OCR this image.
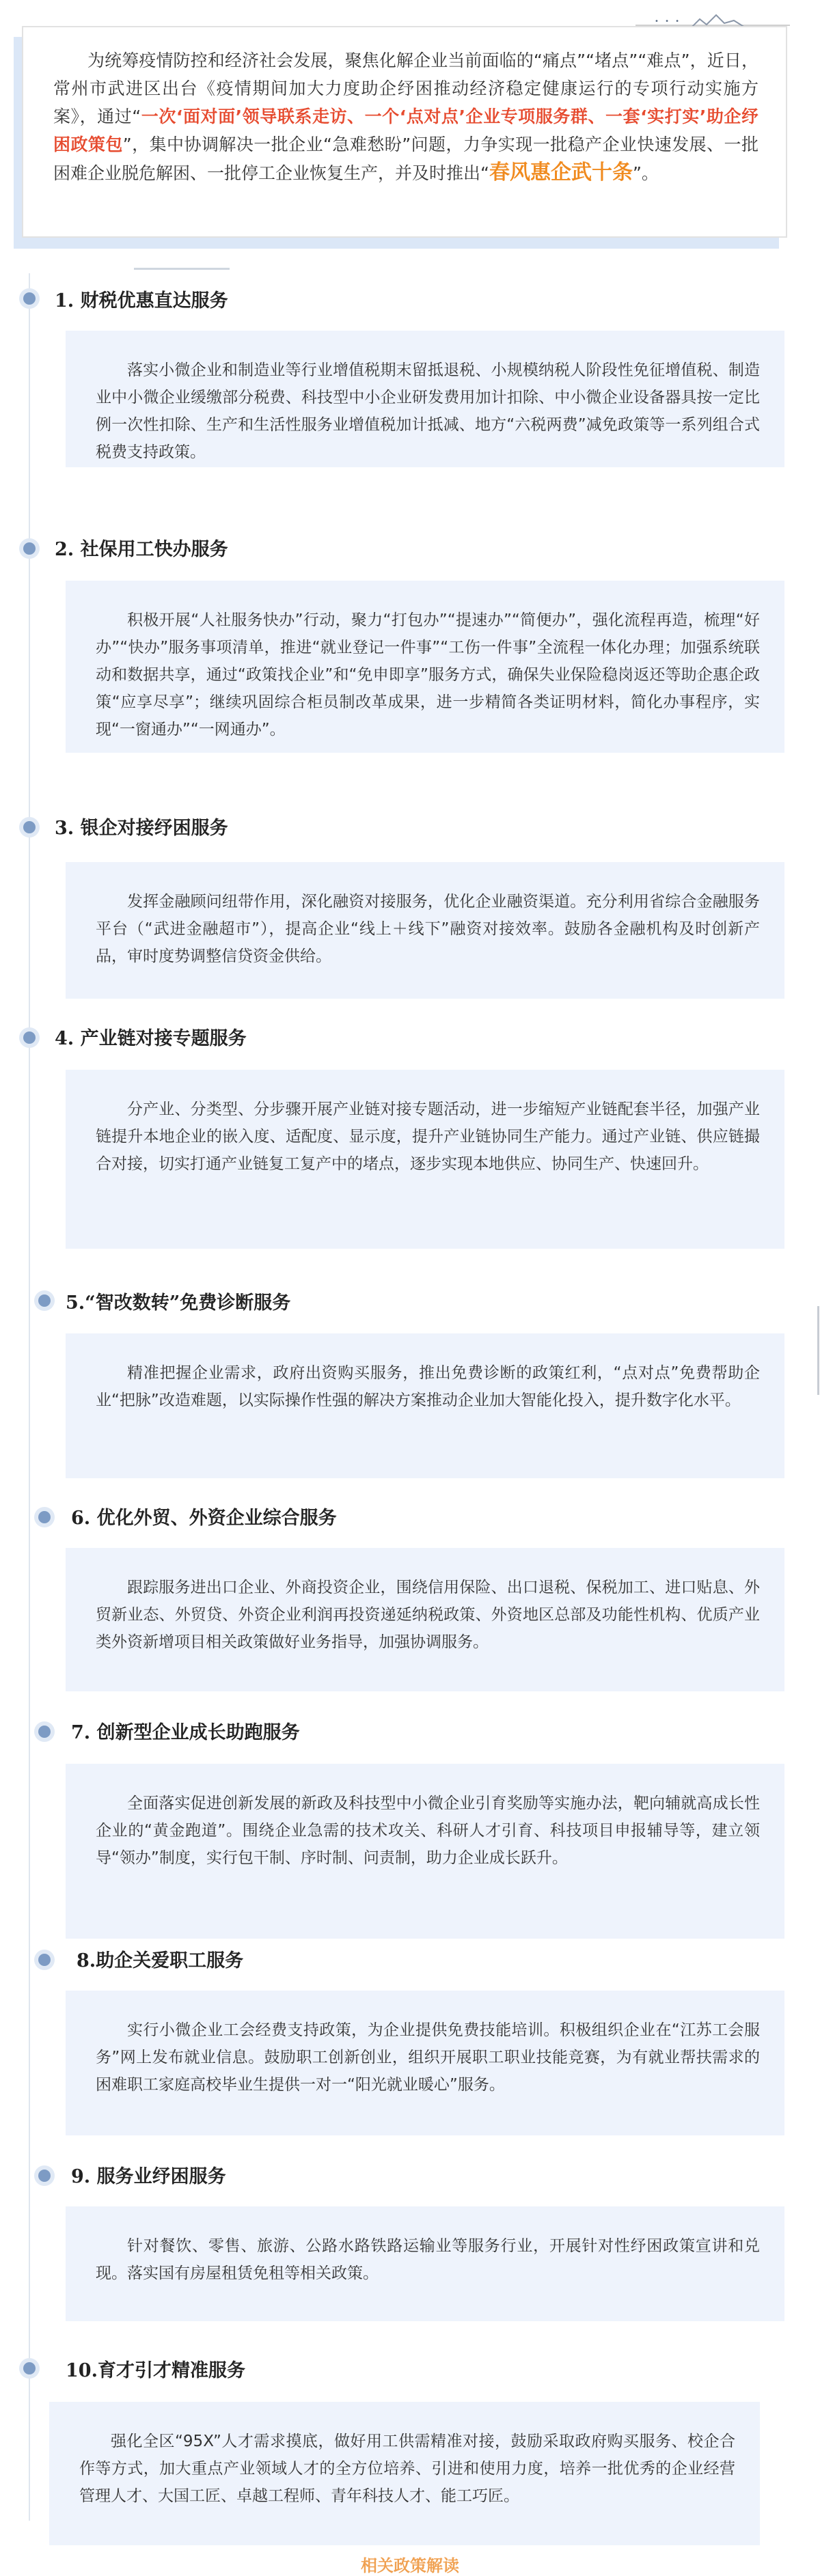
• • •

为统筹疫情防控和经济社会发展，聚焦化解企业当前面临的“痛点”“堵点”“难点”，近日，常州市武进区出台《疫情期间加大力度助企纾困推动经济稳定健康运行的专项行动实施方案》，通过“一次‘面对面’领导联系走访、一个‘点对点’企业专项服务群、一套‘实打实’助企纾困政策包”，集中协调解决一批企业“急难愁盼”问题，力争实现一批稳产企业快速发展、一批困难企业脱危解困、一批停工企业恢复生产，并及时推出“春风惠企武十条”。

1. 财税优惠直达服务

落实小微企业和制造业等行业增值税期末留抵退税、小规模纳税人阶段性免征增值税、制造业中小微企业缓缴部分税费、科技型中小企业研发费用加计扣除、中小微企业设备器具按一定比例一次性扣除、生产和生活性服务业增值税加计抵减、地方“六税两费”减免政策等一系列组合式税费支持政策。

2. 社保用工快办服务

积极开展“人社服务快办”行动，聚力“打包办”“提速办”“简便办”，强化流程再造，梳理“好办”“快办”服务事项清单，推进“就业登记一件事”“工伤一件事”全流程一体化办理；加强系统联动和数据共享，通过“政策找企业”和“免申即享”服务方式，确保失业保险稳岗返还等助企惠企政策“应享尽享”；继续巩固综合柜员制改革成果，进一步精简各类证明材料，简化办事程序，实现“一窗通办”“一网通办”。

3. 银企对接纾困服务

发挥金融顾问纽带作用，深化融资对接服务，优化企业融资渠道。充分利用省综合金融服务平台（“武进金融超市”），提高企业“线上＋线下”融资对接效率。鼓励各金融机构及时创新产品，审时度势调整信贷资金供给。

4. 产业链对接专题服务

分产业、分类型、分步骤开展产业链对接专题活动，进一步缩短产业链配套半径，加强产业链提升本地企业的嵌入度、适配度、显示度，提升产业链协同生产能力。通过产业链、供应链撮合对接，切实打通产业链复工复产中的堵点，逐步实现本地供应、协同生产、快速回升。

5.“智改数转”免费诊断服务

精准把握企业需求，政府出资购买服务，推出免费诊断的政策红利，“点对点”免费帮助企业“把脉”改造难题，以实际操作性强的解决方案推动企业加大智能化投入，提升数字化水平。

6. 优化外贸、外资企业综合服务

跟踪服务进出口企业、外商投资企业，围绕信用保险、出口退税、保税加工、进口贴息、外贸新业态、外贸贷、外资企业利润再投资递延纳税政策、外资地区总部及功能性机构、优质产业类外资新增项目相关政策做好业务指导，加强协调服务。

7. 创新型企业成长助跑服务

全面落实促进创新发展的新政及科技型中小微企业引育奖励等实施办法，靶向辅就高成长性企业的“黄金跑道”。围绕企业急需的技术攻关、科研人才引育、科技项目申报辅导等，建立领导“领办”制度，实行包干制、序时制、问责制，助力企业成长跃升。

8.助企关爱职工服务

实行小微企业工会经费支持政策，为企业提供免费技能培训。积极组织企业在“江苏工会服务”网上发布就业信息。鼓励职工创新创业，组织开展职工职业技能竞赛，为有就业帮扶需求的困难职工家庭高校毕业生提供一对一“阳光就业暖心”服务。

9. 服务业纾困服务

针对餐饮、零售、旅游、公路水路铁路运输业等服务行业，开展针对性纾困政策宣讲和兑现。落实国有房屋租赁免租等相关政策。

10.育才引才精准服务

强化全区“95X”人才需求摸底，做好用工供需精准对接，鼓励采取政府购买服务、校企合作等方式，加大重点产业领域人才的全方位培养、引进和使用力度，培养一批优秀的企业经营管理人才、大国工匠、卓越工程师、青年科技人才、能工巧匠。

相关政策解读
